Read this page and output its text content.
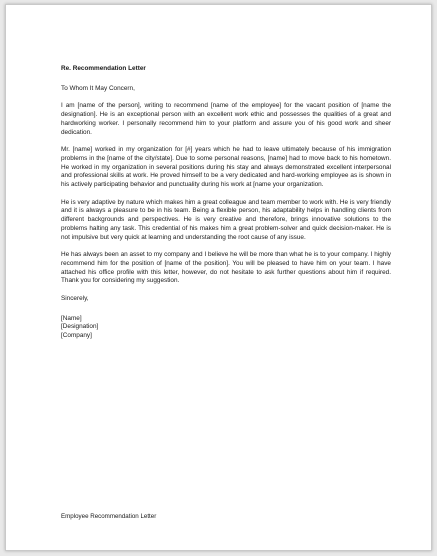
Re. Recommendation Letter
To Whom It May Concern,

I am [name of the person], writing to recommend [name of the employee] for the vacant position of [name the designation]. He is an exceptional person with an excellent work ethic and possesses the qualities of a great and hardworking worker. I personally recommend him to your platform and assure you of his good work and sheer dedication.

Mr. [name] worked in my organization for [#] years which he had to leave ultimately because of his immigration problems in the [name of the city/state]. Due to some personal reasons, [name] had to move back to his hometown. He worked in my organization in several positions during his stay and always demonstrated excellent interpersonal and professional skills at work. He proved himself to be a very dedicated and hard-working employee as is shown in his actively participating behavior and punctuality during his work at [name your organization.

He is very adaptive by nature which makes him a great colleague and team member to work with. He is very friendly and it is always a pleasure to be in his team. Being a flexible person, his adaptability helps in handling clients from different backgrounds and perspectives. He is very creative and therefore, brings innovative solutions to the problems halting any task. This credential of his makes him a great problem-solver and quick decision-maker. He is not impulsive but very quick at learning and understanding the root cause of any issue.

He has always been an asset to my company and I believe he will be more than what he is to your company. I highly recommend him for the position of [name of the position]. You will be pleased to have him on your team. I have attached his office profile with this letter, however, do not hesitate to ask further questions about him if required. Thank you for considering my suggestion.

Sincerely,
[Name]
[Designation]
[Company]
Employee Recommendation Letter
